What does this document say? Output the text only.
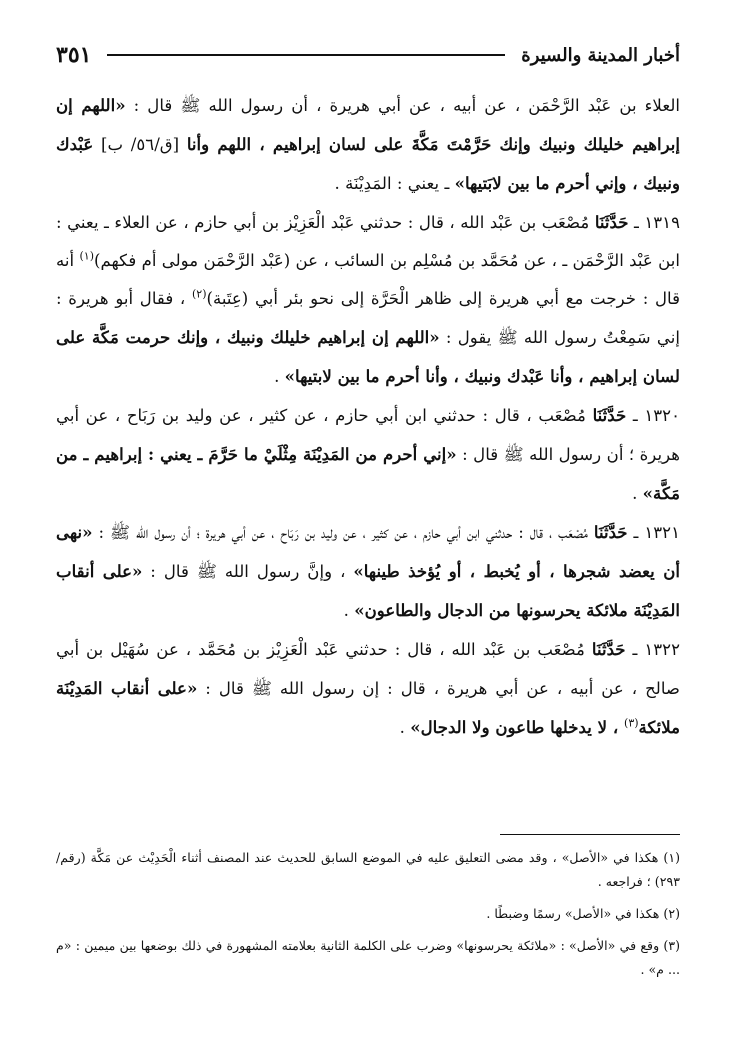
أخبار المدينة والسيرة
٣٥١

العلاء بن عَبْد الرَّحْمَن ، عن أبيه ، عن أبي هريرة ، أن رسول الله ﷺ قال : «اللهم إن إبراهيم خليلك ونبيك وإنك حَرَّمْتَ مَكَّةَ على لسان إبراهيم ، اللهم وأنا [ق/٥٦/ ب] عَبْدك ونبيك ، وإني أحرم ما بين لابَتيها» ـ يعني : المَدِيْنَة .

١٣١٩ ـ حَدَّثَنَا مُصْعَب بن عَبْد الله ، قال : حدثني عَبْد الْعَزِيْز بن أبي حازم ، عن العلاء ـ يعني : ابن عَبْد الرَّحْمَن ـ ، عن مُحَمَّد بن مُسْلِم بن السائب ، عن (عَبْد الرَّحْمَن مولى أم فكهم)$^{(١)}$ أنه قال : خرجت مع أبي هريرة إلى ظاهر الْحَرَّة إلى نحو بئر أبي (عِتَبة)$^{(٢)}$ ، فقال أبو هريرة : إني سَمِعْتُ رسول الله ﷺ يقول : «اللهم إن إبراهيم خليلك ونبيك ، وإنك حرمت مَكَّة على لسان إبراهيم ، وأنا عَبْدك ونبيك ، وأنا أحرم ما بين لابتيها» .

١٣٢٠ ـ حَدَّثَنَا مُصْعَب ، قال : حدثني ابن أبي حازم ، عن كثير ، عن وليد بن رَبَاح ، عن أبي هريرة ؛ أن رسول الله ﷺ قال : «إني أحرم من المَدِيْنَة مِثْلَيْ ما حَرَّمَ ـ يعني : إبراهيم ـ من مَكَّة» .

١٣٢١ ـ حَدَّثَنَا مُصْعَب ، قال : حدثني ابن أبي حازم ، عن كثير ، عن وليد بن رَبَاح ، عن أبي هريرة ؛ أن رسول الله ﷺ : «نهى أن يعضد شجرها ، أو يُخبط ، أو يُؤخذ طينها» ، وإنَّ رسول الله ﷺ قال : «على أنقاب المَدِيْنَة ملائكة يحرسونها من الدجال والطاعون» .

١٣٢٢ ـ حَدَّثَنَا مُصْعَب بن عَبْد الله ، قال : حدثني عَبْد الْعَزِيْز بن مُحَمَّد ، عن سُهَيْل بن أبي صالح ، عن أبيه ، عن أبي هريرة ، قال : إن رسول الله ﷺ قال : «على أنقاب المَدِيْنَة ملائكة$^{(٣)}$ ، لا يدخلها طاعون ولا الدجال» .

(١) هكذا في «الأصل» ، وقد مضى التعليق عليه في الموضع السابق للحديث عند المصنف أثناء الْحَدِيْث عن مَكَّة (رقم/ ٢٩٣) ؛ فراجعه .

(٢) هكذا في «الأصل» رسمًا وضبطًا .

(٣) وقع في «الأصل» : «ملائكة يحرسونها» وضرب على الكلمة الثانية بعلامته المشهورة في ذلك بوضعها بين ميمين : «م ... م» .
